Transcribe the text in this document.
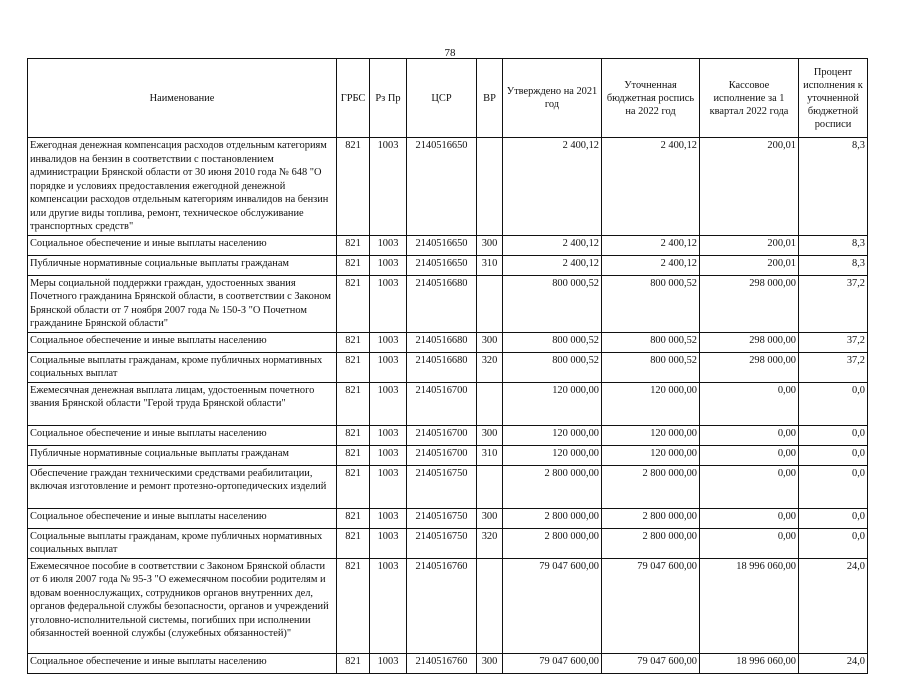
78
Наименование	ГРБС	Рз Пр	ЦСР	ВР	Утверждено на 2021 год	Уточненная бюджетная роспись на 2022 год	Кассовое исполнение за 1 квартал 2022 года	Процент исполнения к уточненной бюджетной росписи
Ежегодная денежная компенсация расходов отдельным категориям инвалидов на бензин в соответствии с постановлением администрации Брянской области от 30 июня 2010 года № 648 "О порядке и условиях предоставления ежегодной денежной компенсации расходов отдельным категориям инвалидов на бензин или другие виды топлива, ремонт, техническое обслуживание транспортных средств"	821	1003	2140516650		2 400,12	2 400,12	200,01	8,3
Социальное обеспечение и иные выплаты населению	821	1003	2140516650	300	2 400,12	2 400,12	200,01	8,3
Публичные нормативные социальные выплаты гражданам	821	1003	2140516650	310	2 400,12	2 400,12	200,01	8,3
Меры социальной поддержки граждан, удостоенных звания Почетного гражданина Брянской области, в соответствии с Законом Брянской области от 7 ноября 2007 года № 150-З "О Почетном гражданине Брянской области"	821	1003	2140516680		800 000,52	800 000,52	298 000,00	37,2
Социальное обеспечение и иные выплаты населению	821	1003	2140516680	300	800 000,52	800 000,52	298 000,00	37,2
Социальные выплаты гражданам, кроме публичных нормативных социальных выплат	821	1003	2140516680	320	800 000,52	800 000,52	298 000,00	37,2
Ежемесячная денежная выплата лицам, удостоенным почетного звания Брянской области "Герой труда Брянской области"	821	1003	2140516700		120 000,00	120 000,00	0,00	0,0
Социальное обеспечение и иные выплаты населению	821	1003	2140516700	300	120 000,00	120 000,00	0,00	0,0
Публичные нормативные социальные выплаты гражданам	821	1003	2140516700	310	120 000,00	120 000,00	0,00	0,0
Обеспечение граждан техническими средствами реабилитации, включая изготовление и ремонт протезно-ортопедических изделий	821	1003	2140516750		2 800 000,00	2 800 000,00	0,00	0,0
Социальное обеспечение и иные выплаты населению	821	1003	2140516750	300	2 800 000,00	2 800 000,00	0,00	0,0
Социальные выплаты гражданам, кроме публичных нормативных социальных выплат	821	1003	2140516750	320	2 800 000,00	2 800 000,00	0,00	0,0
Ежемесячное пособие в соответствии с Законом Брянской области от 6 июля 2007 года № 95-З "О ежемесячном пособии родителям и вдовам военнослужащих, сотрудников органов внутренних дел, органов федеральной службы безопасности, органов и учреждений уголовно-исполнительной системы, погибших при исполнении обязанностей военной службы (служебных обязанностей)"	821	1003	2140516760		79 047 600,00	79 047 600,00	18 996 060,00	24,0
Социальное обеспечение и иные выплаты населению	821	1003	2140516760	300	79 047 600,00	79 047 600,00	18 996 060,00	24,0
